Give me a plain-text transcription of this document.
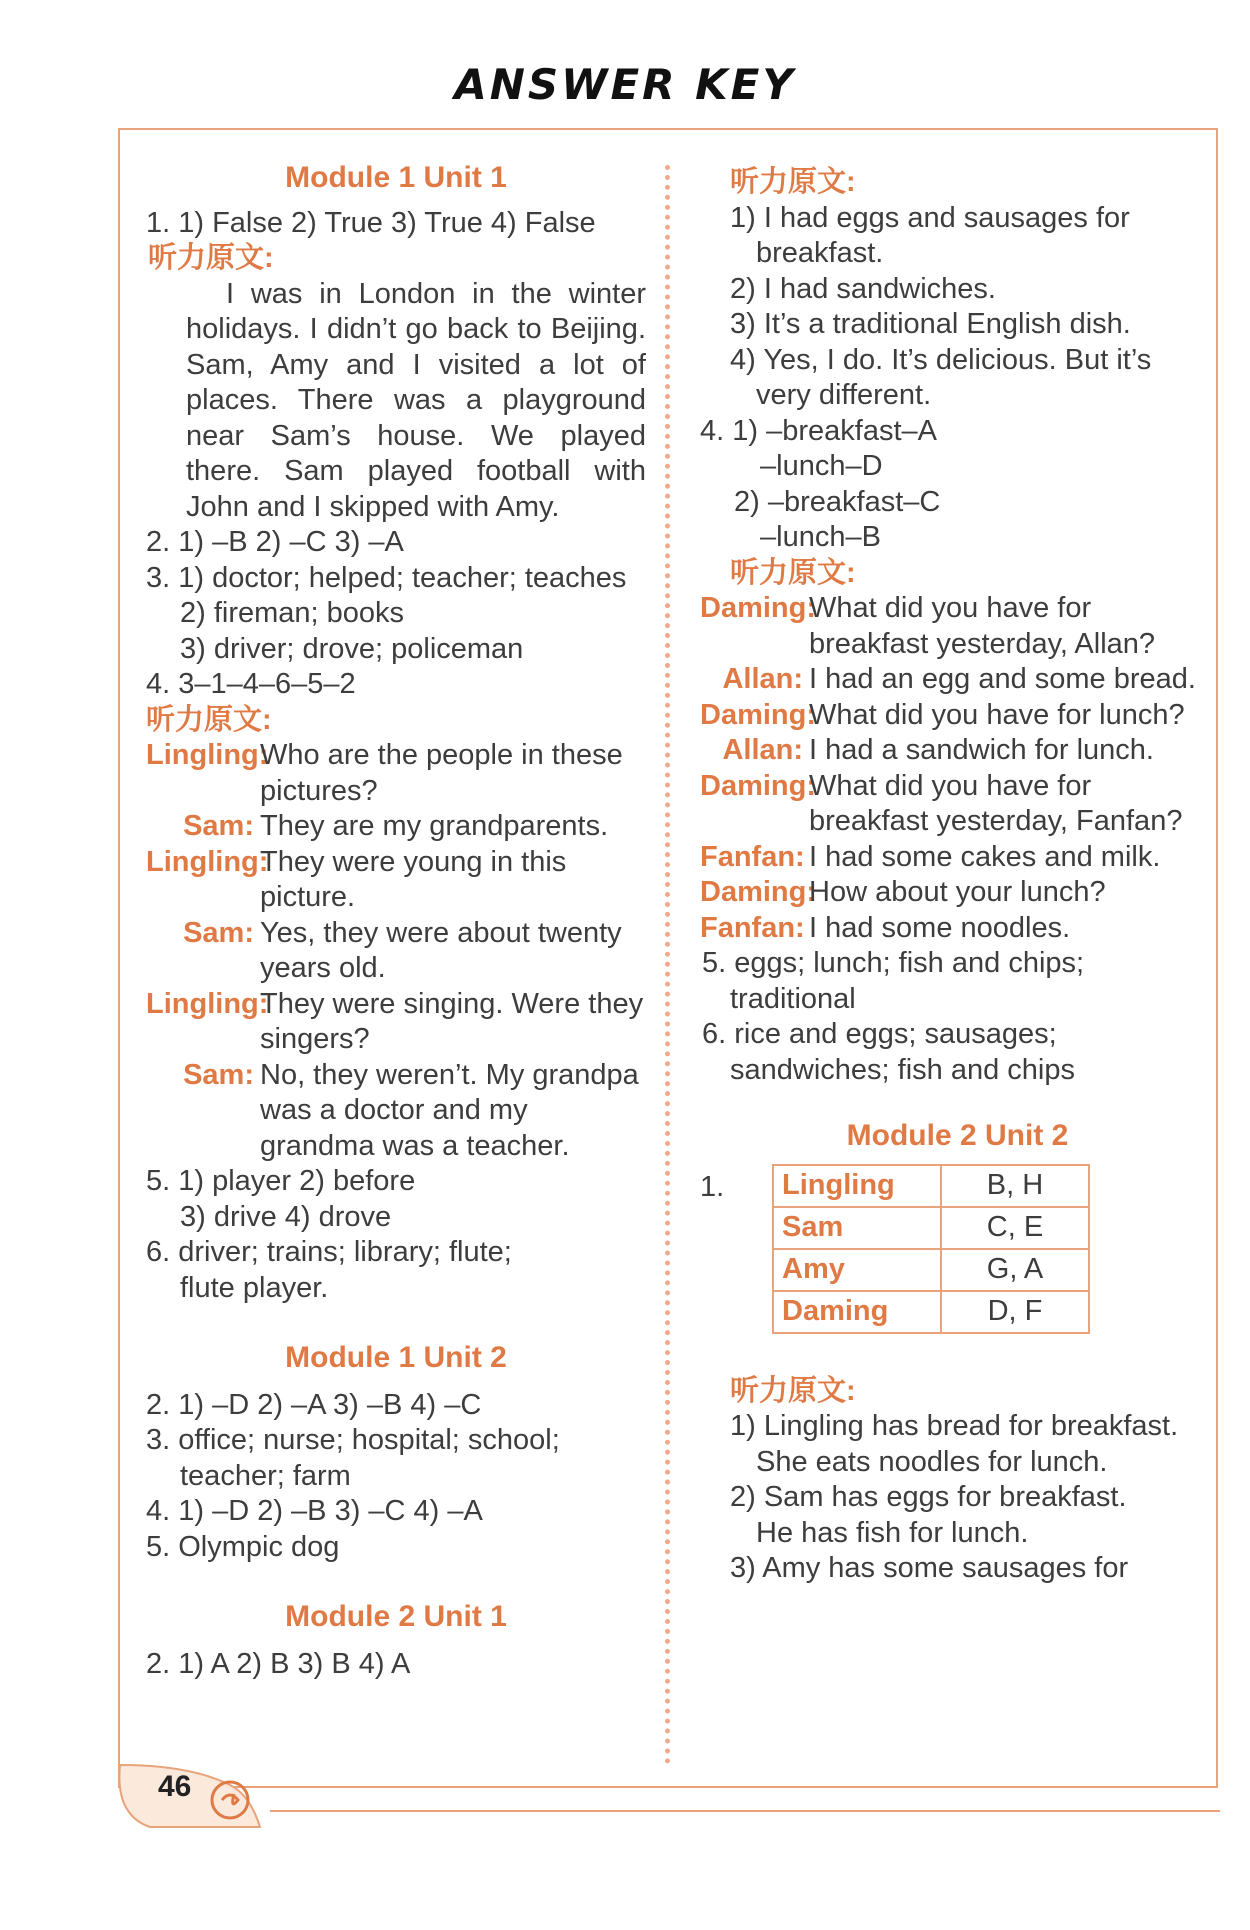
ANSWER KEY
Module 1 Unit 1
1. 1) False 2) True 3) True 4) False
听力原文:
I was in London in the winter holidays. I didn’t go back to Beijing. Sam, Amy and I visited a lot of places. There was a playground near Sam’s house. We played there. Sam played football with John and I skipped with Amy.
2. 1) –B 2) –C 3) –A
3. 1) doctor; helped; teacher; teaches
2) fireman; books
3) driver; drove; policeman
4. 3–1–4–6–5–2
听力原文:
Lingling:
Who are the people in these pictures?
Sam: They are my grandparents.
Lingling:
They were young in this picture.
Sam: Yes, they were about twenty years old.
Lingling:
They were singing. Were they singers?
Sam: No, they weren’t. My grandpa was a doctor and my grandma was a teacher.
5. 1) player 2) before
3) drive 4) drove
6. driver; trains; library; flute;
flute player.
Module 1 Unit 2
2. 1) –D 2) –A 3) –B 4) –C
3. office; nurse; hospital; school;
teacher; farm
4. 1) –D 2) –B 3) –C 4) –A
5. Olympic dog
Module 2 Unit 1
2. 1) A 2) B 3) B 4) A
听力原文:
1) I had eggs and sausages for
breakfast.
2) I had sandwiches.
3) It’s a traditional English dish.
4) Yes, I do. It’s delicious. But it’s
very different.
4. 1) –breakfast–A
–lunch–D
2) –breakfast–C
–lunch–B
听力原文:
Daming:
What did you have for breakfast yesterday, Allan?
Allan: I had an egg and some bread.
Daming:
What did you have for lunch?
Allan: I had a sandwich for lunch.
Daming:
What did you have for breakfast yesterday, Fanfan?
Fanfan: I had some cakes and milk.
Daming:
How about your lunch?
Fanfan: I had some noodles.
5. eggs; lunch; fish and chips;
traditional
6. rice and eggs; sausages;
sandwiches; fish and chips
Module 2 Unit 2
1. Lingling	B, H
Sam	C, E
Amy	G, A
Daming	D, F
听力原文:
1) Lingling has bread for breakfast.
She eats noodles for lunch.
2) Sam has eggs for breakfast.
He has fish for lunch.
3) Amy has some sausages for
46
